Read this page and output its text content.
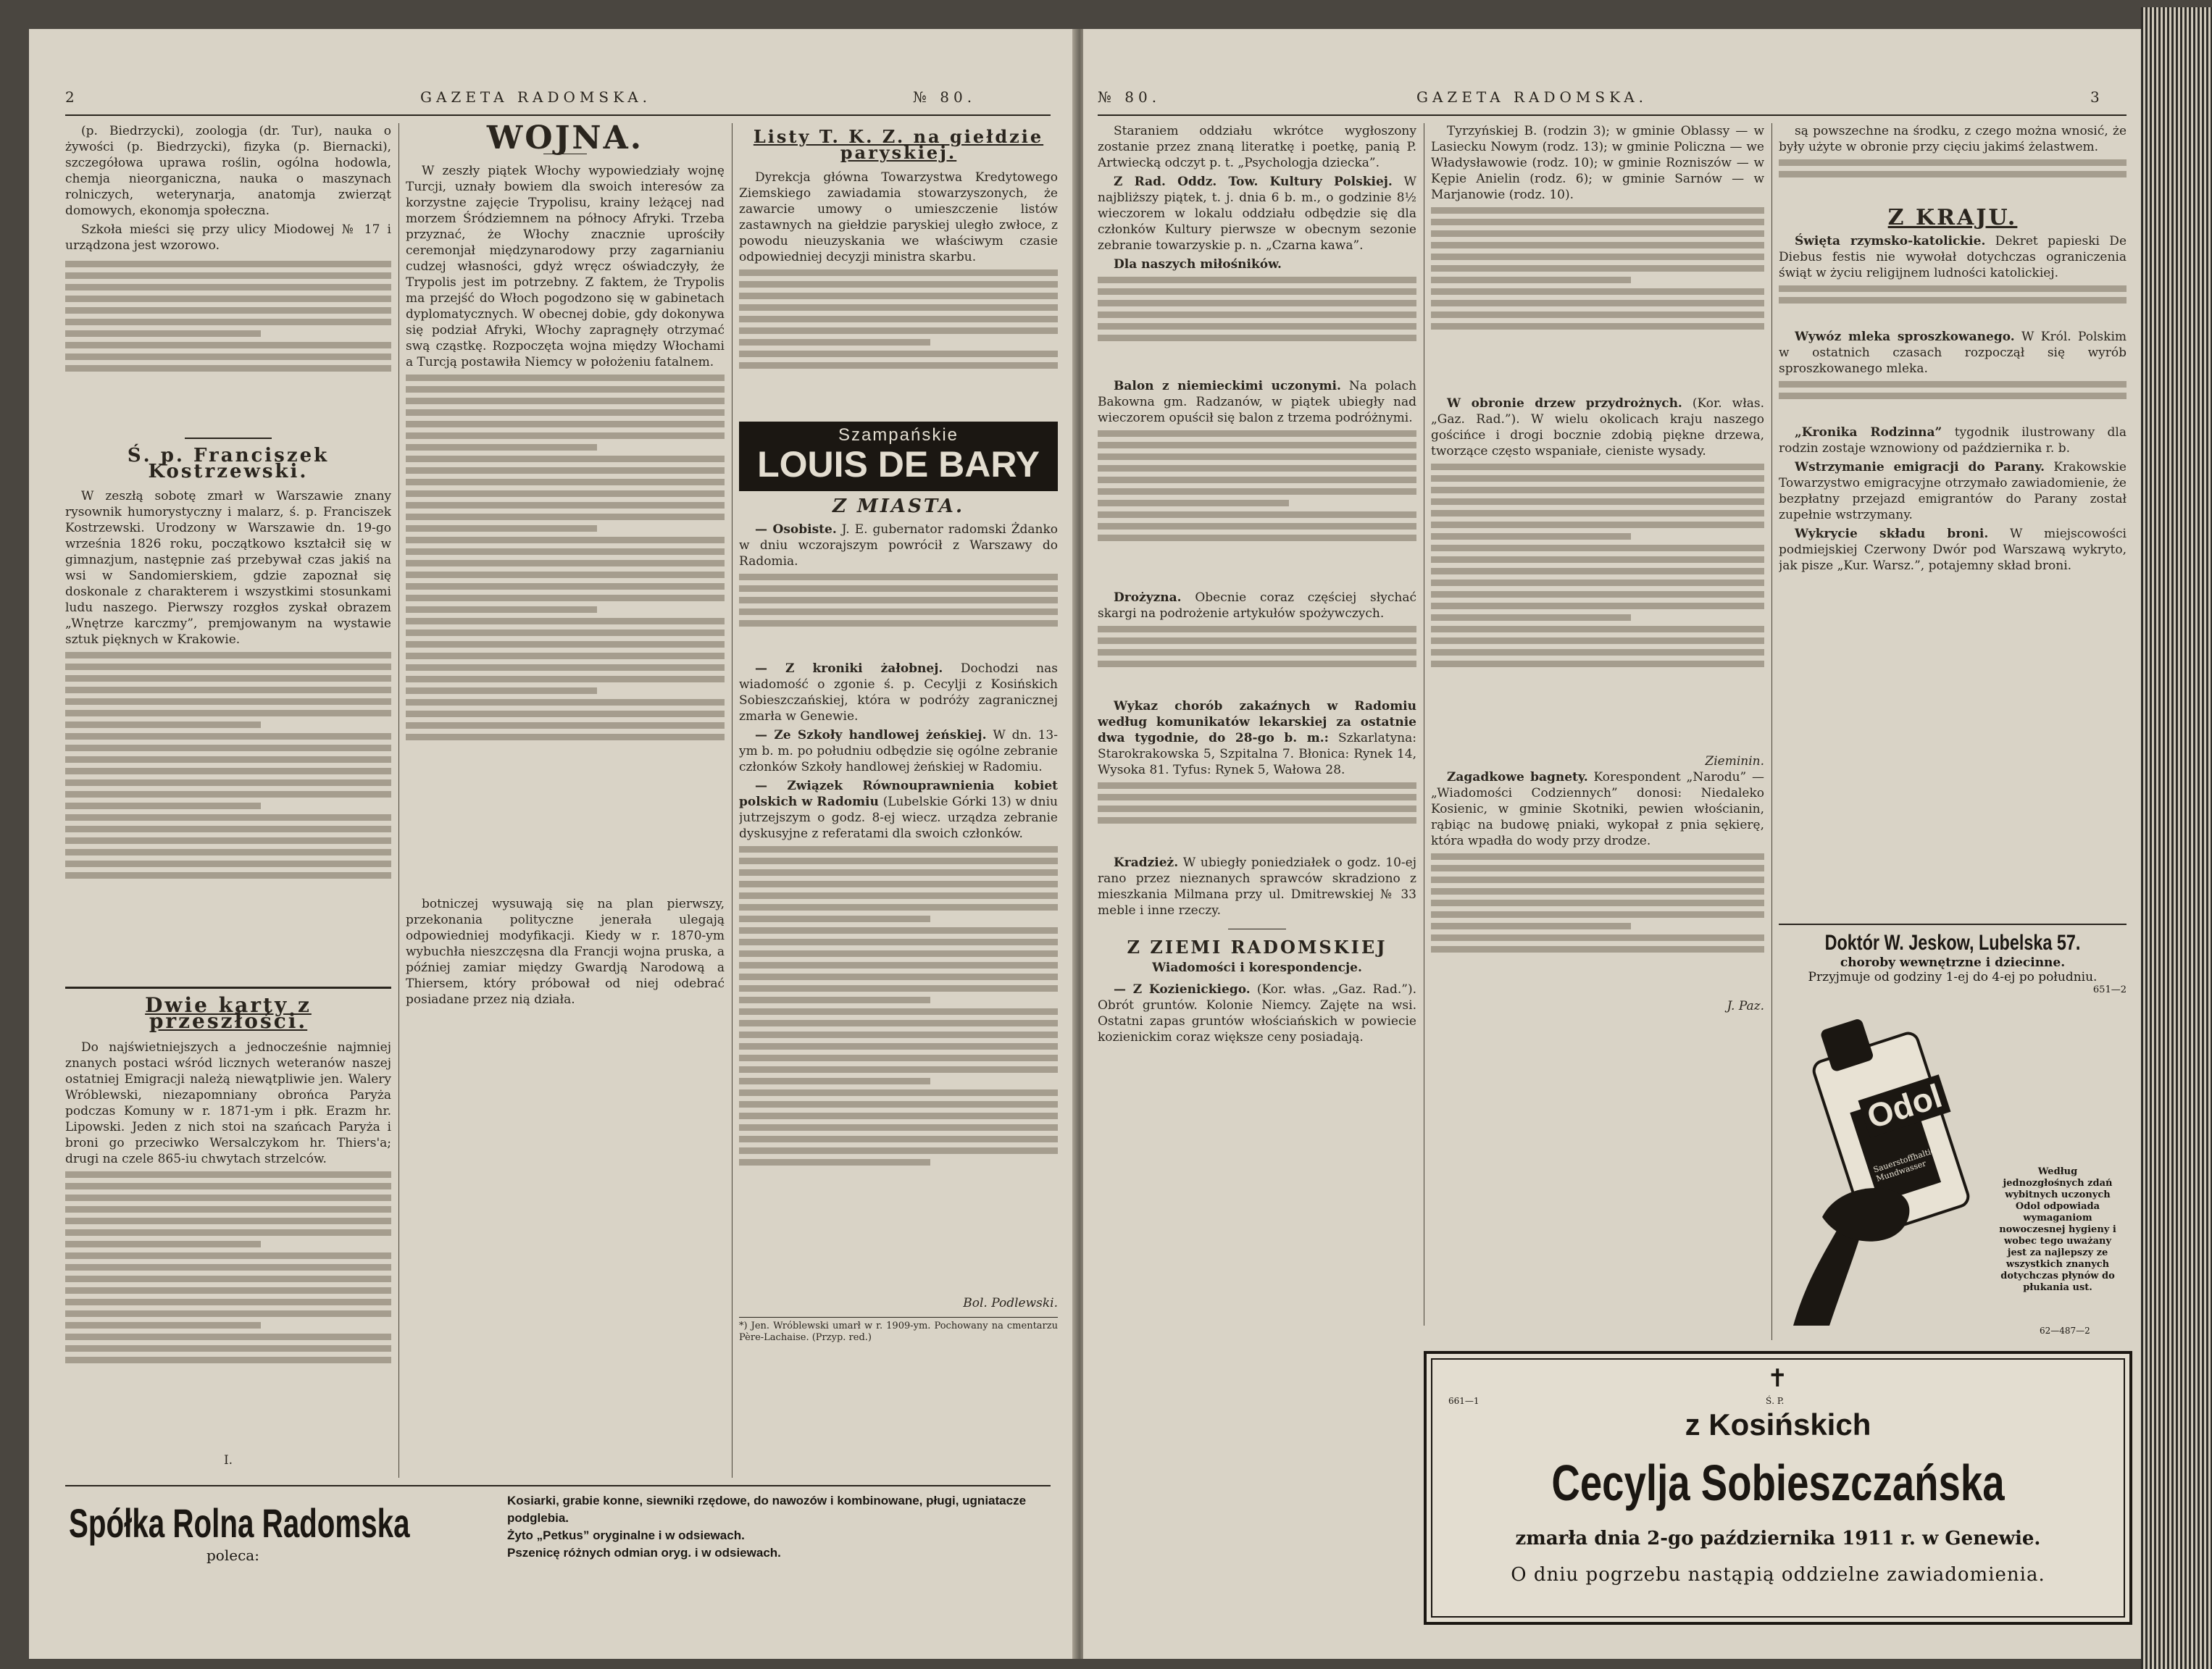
2	GAZETA RADOMSKA.	№ 80.

(p. Biedrzycki), zoologja (dr. Tur), nauka o żywości (p. Biedrzycki), fizyka (p. Biernacki), szczegółowa uprawa roślin, ogólna hodowla, chemja nieorganiczna, nauka o maszynach rolniczych, weterynarja, anatomja zwierząt domowych, ekonomja społeczna.

Szkoła mieści się przy ulicy Miodowej № 17 i urządzona jest wzorowo.

Ś. p. Franciszek Kostrzewski.

W zeszłą sobotę zmarł w Warszawie znany rysownik humorystyczny i malarz, ś. p. Franciszek Kostrzewski. Urodzony w Warszawie dn. 19-go września 1826 roku, początkowo kształcił się w gimnazjum, następnie zaś przebywał czas jakiś na wsi w Sandomierskiem, gdzie zapoznał się doskonale z charakterem i wszystkimi stosunkami ludu naszego. Pierwszy rozgłos zyskał obrazem „Wnętrze karczmy”, premjowanym na wystawie sztuk pięknych w Krakowie.

Dwie karty z przeszłości.

Do najświetniejszych a jednocześnie najmniej znanych postaci wśród licznych weteranów naszej ostatniej Emigracji należą niewątpliwie jen. Walery Wróblewski, niezapomniany obrońca Paryża podczas Komuny w r. 1871-ym i płk. Erazm hr. Lipowski. Jeden z nich stoi na szańcach Paryża i broni go przeciwko Wersalczykom hr. Thiers'a; drugi na czele 865-iu chwytach strzelców.

I.

WOJNA.

W zeszły piątek Włochy wypowiedziały wojnę Turcji, uznały bowiem dla swoich interesów za korzystne zajęcie Trypolisu, krainy leżącej nad morzem Śródziemnem na północy Afryki. Trzeba przyznać, że Włochy znacznie uprościły ceremonjał międzynarodowy przy zagarnianiu cudzej własności, gdyż wręcz oświadczyły, że Trypolis jest im potrzebny. Z faktem, że Trypolis ma przejść do Włoch pogodzono się w gabinetach dyplomatycznych. W obecnej dobie, gdy dokonywa się podział Afryki, Włochy zapragnęły otrzymać swą cząstkę. Rozpoczęta wojna między Włochami a Turcją postawiła Niemcy w położeniu fatalnem.

botniczej wysuwają się na plan pierwszy, przekonania polityczne jenerała ulegają odpowiedniej modyfikacji. Kiedy w r. 1870-ym wybuchła nieszczęsna dla Francji wojna pruska, a później zamiar między Gwardją Narodową a Thiersem, który próbował od niej odebrać posiadane przez nią działa.

Listy T. K. Z. na giełdzie paryskiej.

Dyrekcja główna Towarzystwa Kredytowego Ziemskiego zawiadamia stowarzyszonych, że zawarcie umowy o umieszczenie listów zastawnych na giełdzie paryskiej uległo zwłoce, z powodu nieuzyskania we właściwym czasie odpowiedniej decyzji ministra skarbu.

Szampańskie
LOUIS DE BARY
Z MIASTA.

— Osobiste. J. E. gubernator radomski Żdanko w dniu wczorajszym powrócił z Warszawy do Radomia.

— Z kroniki żałobnej. Dochodzi nas wiadomość o zgonie ś. p. Cecylji z Kosińskich Sobieszczańskiej, która w podróży zagranicznej zmarła w Genewie.

— Ze Szkoły handlowej żeńskiej. W dn. 13-ym b. m. po południu odbędzie się ogólne zebranie członków Szkoły handlowej żeńskiej w Radomiu.

— Związek Równouprawnienia kobiet polskich w Radomiu (Lubelskie Górki 13) w dniu jutrzejszym o godz. 8-ej wiecz. urządza zebranie dyskusyjne z referatami dla swoich członków.

Bol. Podlewski.
*) Jen. Wróblewski umarł w r. 1909-ym. Pochowany na cmentarzu Père-Lachaise. (Przyp. red.)
Spółka Rolna Radomska
poleca:
Kosiarki, grabie konne, siewniki rzędowe, do nawozów i kombinowane, pługi, ugniatacze podglebia.
Żyto „Petkus” oryginalne i w odsiewach.
Pszenicę różnych odmian oryg. i w odsiewach.
№ 80.	GAZETA RADOMSKA.	3

Staraniem oddziału wkrótce wygłoszony zostanie przez znaną literatkę i poetkę, panią P. Artwiecką odczyt p. t. „Psychologja dziecka”.

Z Rad. Oddz. Tow. Kultury Polskiej. W najbliższy piątek, t. j. dnia 6 b. m., o godzinie 8½ wieczorem w lokalu oddziału odbędzie się dla członków Kultury pierwsze w obecnym sezonie zebranie towarzyskie p. n. „Czarna kawa”.

Dla naszych miłośników.

Balon z niemieckimi uczonymi. Na polach Bakowna gm. Radzanów, w piątek ubiegły nad wieczorem opuścił się balon z trzema podróżnymi.

Drożyzna. Obecnie coraz częściej słychać skargi na podrożenie artykułów spożywczych.

Wykaz chorób zakaźnych w Radomiu według komunikatów lekarskiej za ostatnie dwa tygodnie, do 28-go b. m.: Szkarlatyna: Starokrakowska 5, Szpitalna 7. Błonica: Rynek 14, Wysoka 81. Tyfus: Rynek 5, Wałowa 28.

Kradzież. W ubiegły poniedziałek o godz. 10-ej rano przez nieznanych sprawców skradziono z mieszkania Milmana przy ul. Dmitrewskiej № 33 meble i inne rzeczy.

Z ZIEMI RADOMSKIEJ
Wiadomości i korespondencje.

— Z Kozienickiego. (Kor. włas. „Gaz. Rad.”). Obrót gruntów. Kolonie Niemcy. Zajęte na wsi. Ostatni zapas gruntów włościańskich w powiecie kozienickim coraz większe ceny posiadają.

Tyrzyńskiej B. (rodzin 3); w gminie Oblassy — w Lasiecku Nowym (rodz. 13); w gminie Policzna — we Władysławowie (rodz. 10); w gminie Rozniszów — w Kępie Anielin (rodz. 6); w gminie Sarnów — w Marjanowie (rodz. 10).

W obronie drzew przydrożnych. (Kor. włas. „Gaz. Rad.”). W wielu okolicach kraju naszego gościńce i drogi bocznie zdobią piękne drzewa, tworzące często wspaniałe, cieniste wysady.

Zieminin.

Zagadkowe bagnety. Korespondent „Narodu” — „Wiadomości Codziennych” donosi: Niedaleko Kosienic, w gminie Skotniki, pewien włościanin, rąbiąc na budowę pniaki, wykopał z pnia sękierę, która wpadła do wody przy drodze.

J. Paz.

są powszechne na środku, z czego można wnosić, że były użyte w obronie przy cięciu jakimś żelastwem.

Z KRAJU.

Święta rzymsko-katolickie. Dekret papieski De Diebus festis nie wywołał dotychczas ograniczenia świąt w życiu religijnem ludności katolickiej.

Wywóz mleka sproszkowanego. W Król. Polskim w ostatnich czasach rozpoczął się wyrób sproszkowanego mleka.

„Kronika Rodzinna” tygodnik ilustrowany dla rodzin zostaje wznowiony od października r. b.

Wstrzymanie emigracji do Parany. Krakowskie Towarzystwo emigracyjne otrzymało zawiadomienie, że bezpłatny przejazd emigrantów do Parany został zupełnie wstrzymany.

Wykrycie składu broni. W miejscowości podmiejskiej Czerwony Dwór pod Warszawą wykryto, jak pisze „Kur. Warsz.”, potajemny skład broni.

Doktór W. Jeskow, Lubelska 57.
choroby wewnętrzne i dziecinne.
Przyjmuje od godziny 1-ej do 4-ej po południu.
651—2
Odol
Sauerstoffhaltiges Mundwasser	Według jednozgłośnych zdań wybitnych uczonych Odol odpowiada wymaganiom nowoczesnej hygieny i wobec tego uważany jest za najlepszy ze wszystkich znanych dotychczas płynów do płukania ust.
62—487—2
✝
Ś. P.
661—1
z Kosińskich
Cecylja Sobieszczańska
zmarła dnia 2-go października 1911 r. w Genewie.
O dniu pogrzebu nastąpią oddzielne zawiadomienia.
